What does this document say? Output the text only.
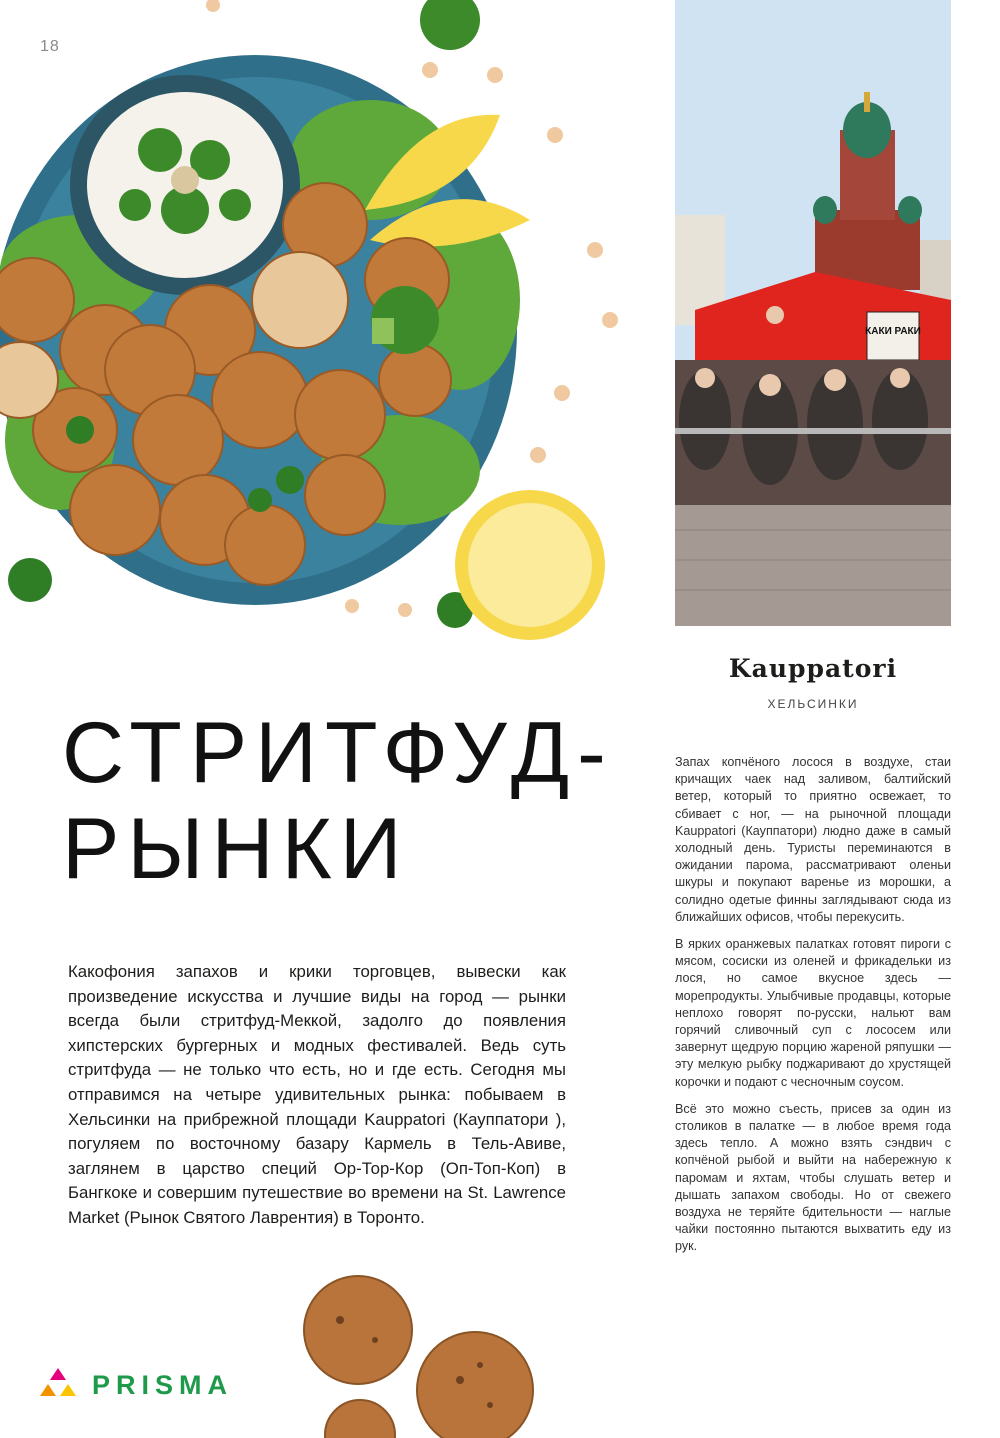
18
КАКИ РАКИ
Kauppatori
ХЕЛЬСИНКИ

Запах копчёного лосося в воздухе, стаи кричащих чаек над заливом, балтийский ветер, который то приятно освежает, то сбивает с ног, — на рыночной площади Kauppatori (Кауппатори) людно даже в самый холодный день. Туристы переминаются в ожидании парома, рассматривают оленьи шкуры и покупают варенье из морошки, а солидно одетые финны заглядывают сюда из ближайших офисов, чтобы перекусить.

В ярких оранжевых палатках готовят пироги с мясом, сосиски из оленей и фрикадельки из лося, но самое вкусное здесь — морепродукты. Улыбчивые продавцы, которые неплохо говорят по-русски, нальют вам горячий сливочный суп с лососем или завернут щедрую порцию жареной ряпушки — эту мелкую рыбку поджаривают до хрустящей корочки и подают с чесночным соусом.

Всё это можно съесть, присев за один из столиков в палатке — в любое время года здесь тепло. А можно взять сэндвич с копчёной рыбой и выйти на набережную к паромам и яхтам, чтобы слушать ветер и дышать запахом свободы. Но от свежего воздуха не теряйте бдительности — наглые чайки постоянно пытаются выхватить еду из рук.

СТРИТФУД-
РЫНКИ
Какофония запахов и крики торговцев, вывески как произведение искусства и лучшие виды на город — рынки всегда были стритфуд-Меккой, задолго до появления хипстерских бургерных и модных фестивалей. Ведь суть стритфуда — не только что есть, но и где есть. Сегодня мы отправимся на четыре удивительных рынка: побываем в Хельсинки на прибрежной площади Kauppatori (Кауппатори ), погуляем по восточному базару Кармель в Тель-Авиве, заглянем в царство специй Ор-Тор-Кор (Оп-Топ-Коп) в Бангкоке и совершим путешествие во времени на St. Lawrence Market (Рынок Святого Лаврентия) в Торонто.
PRISMA
